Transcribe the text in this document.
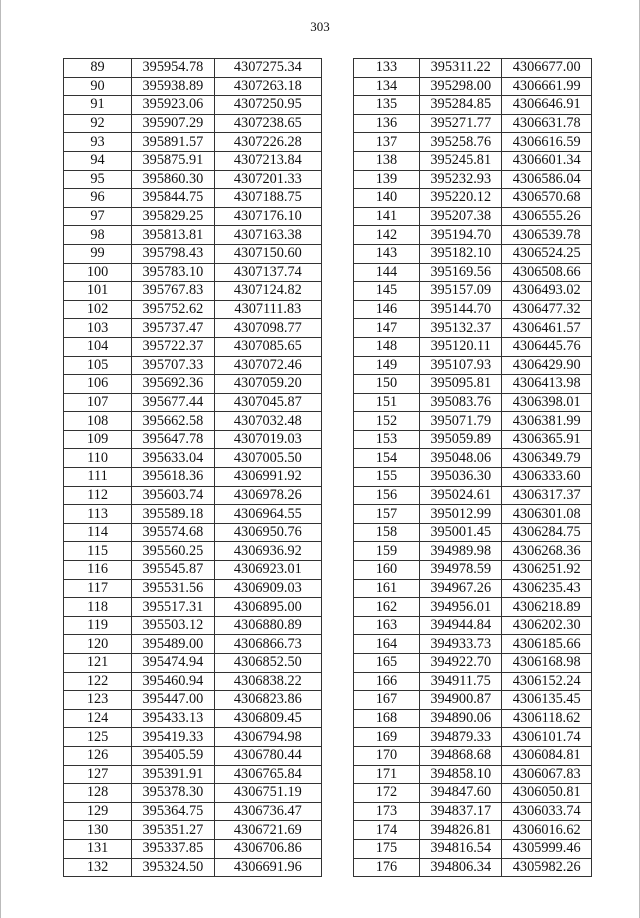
303
89	395954.78	4307275.34
90	395938.89	4307263.18
91	395923.06	4307250.95
92	395907.29	4307238.65
93	395891.57	4307226.28
94	395875.91	4307213.84
95	395860.30	4307201.33
96	395844.75	4307188.75
97	395829.25	4307176.10
98	395813.81	4307163.38
99	395798.43	4307150.60
100	395783.10	4307137.74
101	395767.83	4307124.82
102	395752.62	4307111.83
103	395737.47	4307098.77
104	395722.37	4307085.65
105	395707.33	4307072.46
106	395692.36	4307059.20
107	395677.44	4307045.87
108	395662.58	4307032.48
109	395647.78	4307019.03
110	395633.04	4307005.50
111	395618.36	4306991.92
112	395603.74	4306978.26
113	395589.18	4306964.55
114	395574.68	4306950.76
115	395560.25	4306936.92
116	395545.87	4306923.01
117	395531.56	4306909.03
118	395517.31	4306895.00
119	395503.12	4306880.89
120	395489.00	4306866.73
121	395474.94	4306852.50
122	395460.94	4306838.22
123	395447.00	4306823.86
124	395433.13	4306809.45
125	395419.33	4306794.98
126	395405.59	4306780.44
127	395391.91	4306765.84
128	395378.30	4306751.19
129	395364.75	4306736.47
130	395351.27	4306721.69
131	395337.85	4306706.86
132	395324.50	4306691.96
133	395311.22	4306677.00
134	395298.00	4306661.99
135	395284.85	4306646.91
136	395271.77	4306631.78
137	395258.76	4306616.59
138	395245.81	4306601.34
139	395232.93	4306586.04
140	395220.12	4306570.68
141	395207.38	4306555.26
142	395194.70	4306539.78
143	395182.10	4306524.25
144	395169.56	4306508.66
145	395157.09	4306493.02
146	395144.70	4306477.32
147	395132.37	4306461.57
148	395120.11	4306445.76
149	395107.93	4306429.90
150	395095.81	4306413.98
151	395083.76	4306398.01
152	395071.79	4306381.99
153	395059.89	4306365.91
154	395048.06	4306349.79
155	395036.30	4306333.60
156	395024.61	4306317.37
157	395012.99	4306301.08
158	395001.45	4306284.75
159	394989.98	4306268.36
160	394978.59	4306251.92
161	394967.26	4306235.43
162	394956.01	4306218.89
163	394944.84	4306202.30
164	394933.73	4306185.66
165	394922.70	4306168.98
166	394911.75	4306152.24
167	394900.87	4306135.45
168	394890.06	4306118.62
169	394879.33	4306101.74
170	394868.68	4306084.81
171	394858.10	4306067.83
172	394847.60	4306050.81
173	394837.17	4306033.74
174	394826.81	4306016.62
175	394816.54	4305999.46
176	394806.34	4305982.26
